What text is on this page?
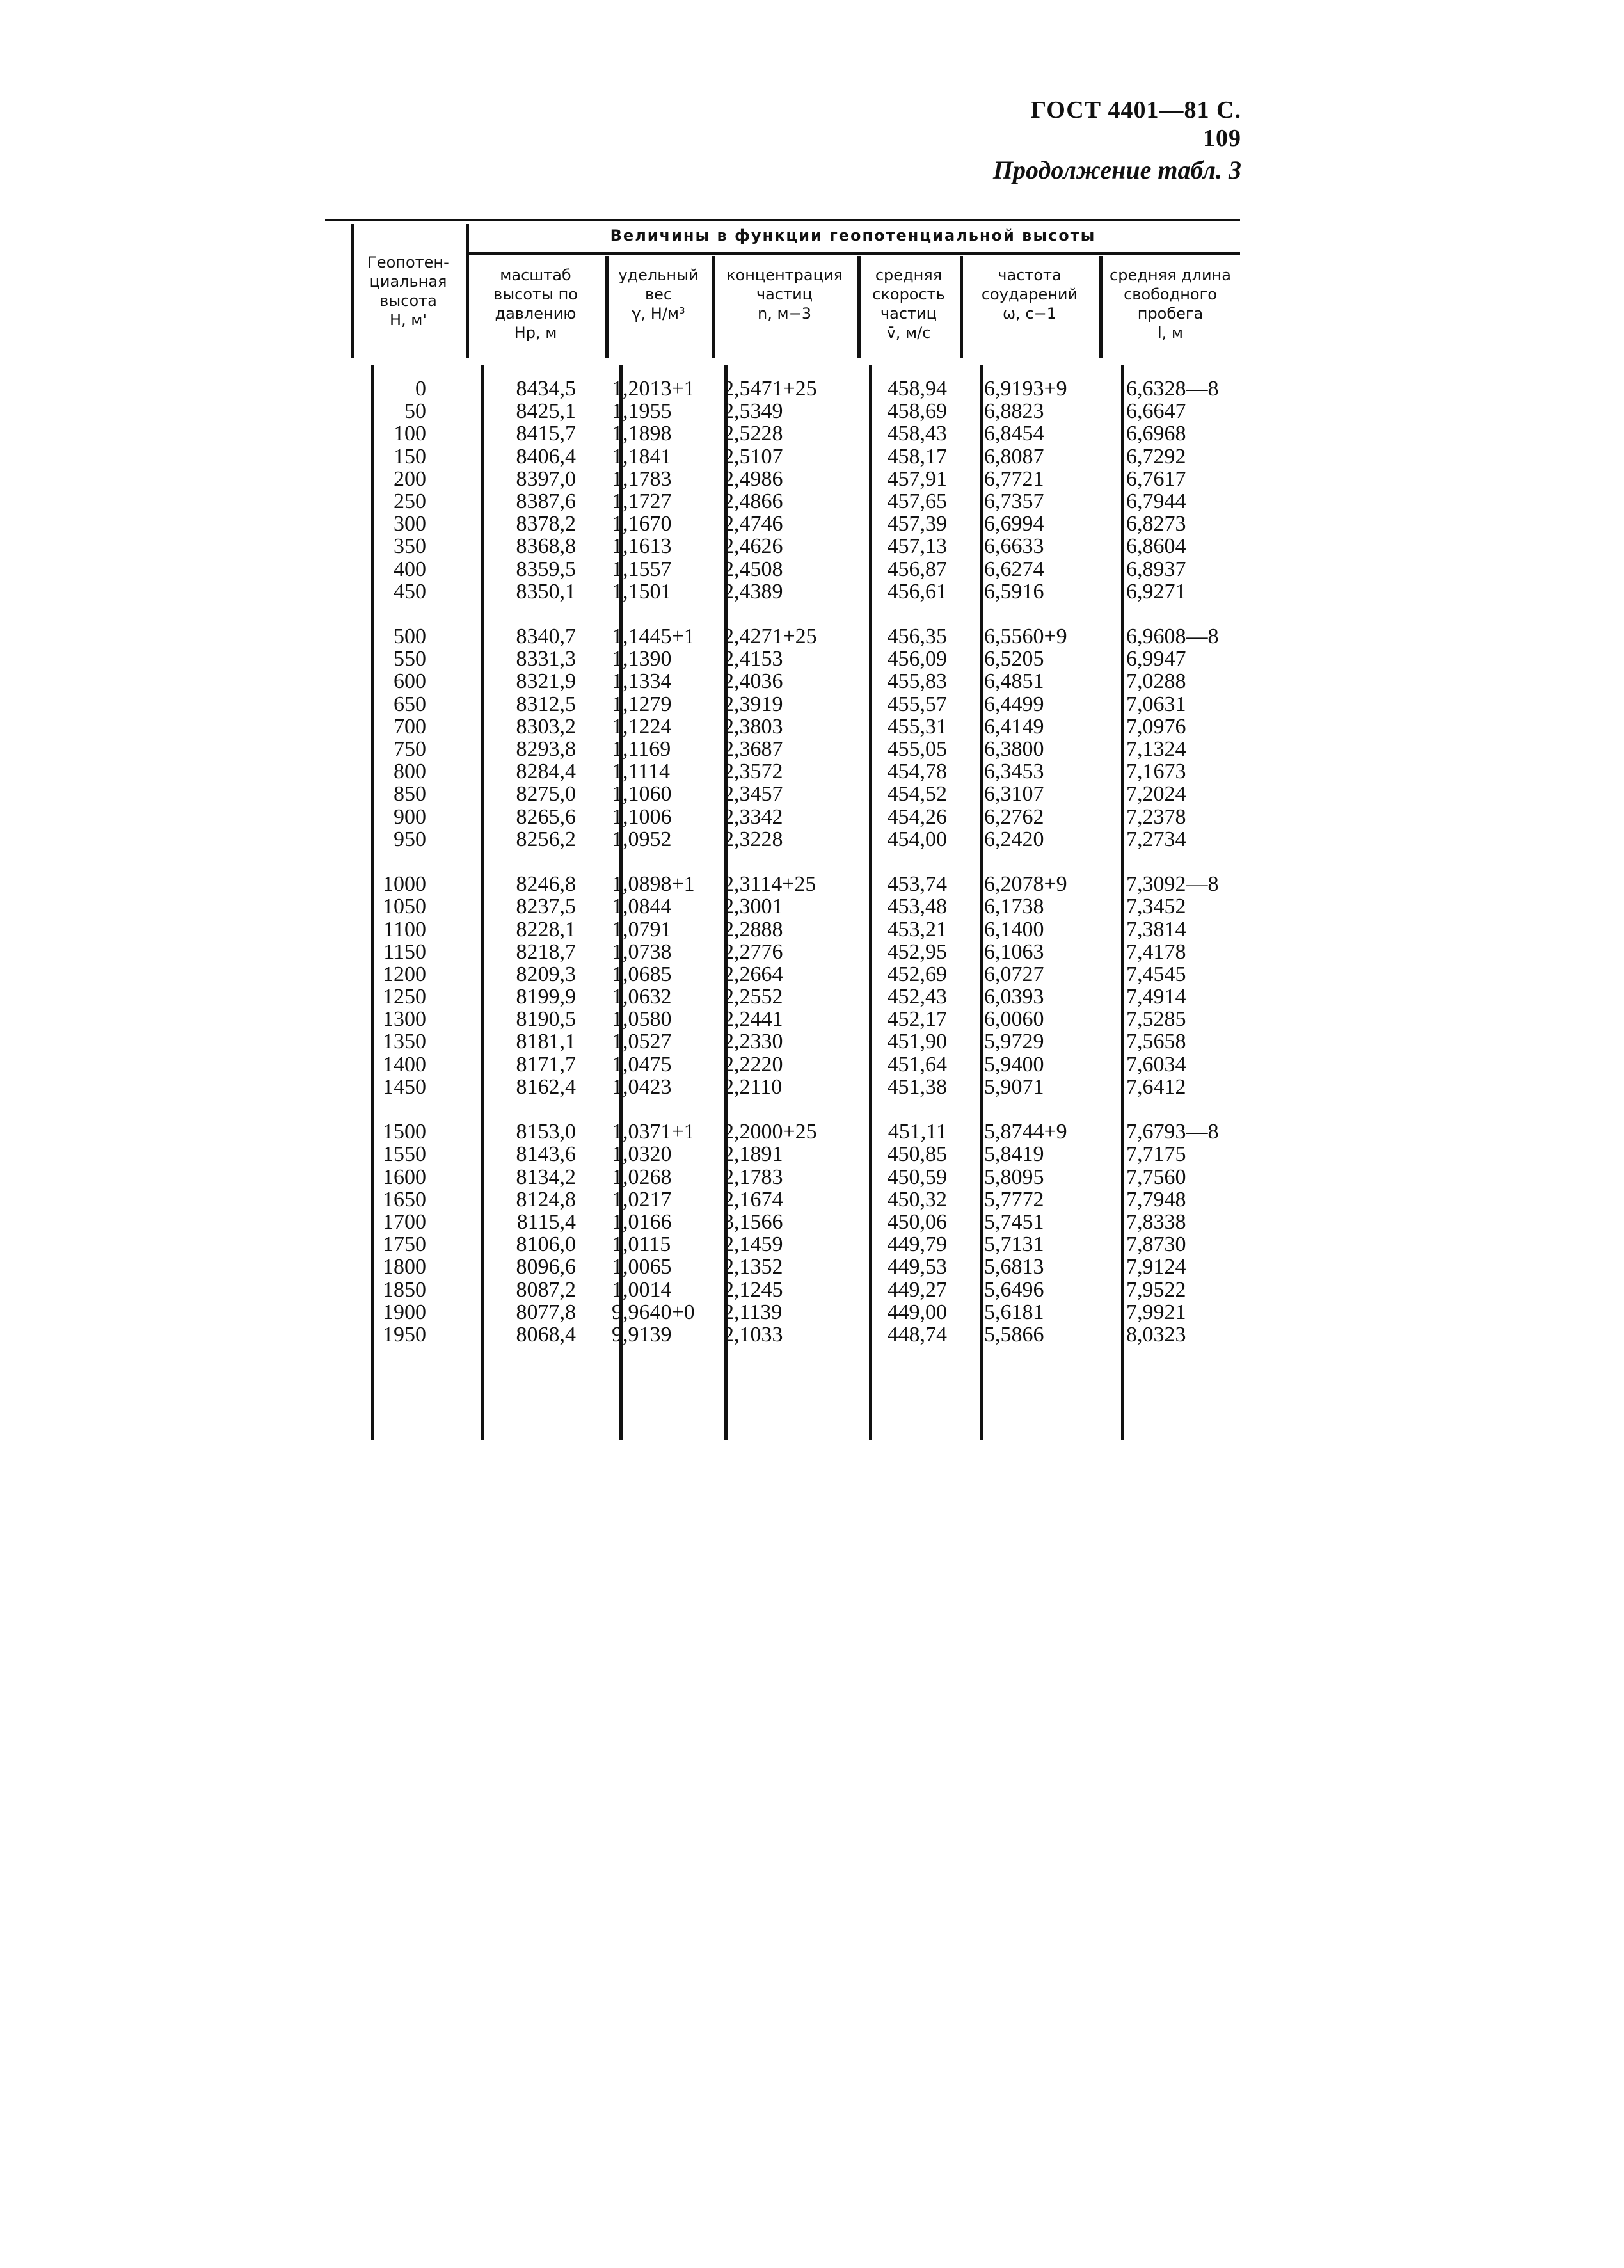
ГОСТ 4401—81 С. 109
Продолжение табл. 3
Величины в функции геопотенциальной высоты
Геопотен-
циальная
высота
H, м'
масштаб
высоты по
давлению
Hp, м
удельный
вес
γ, Н/м³
концентрация
частиц
n, м−3
средняя
скорость
частиц
v̄, м/с
частота
соударений
ω, с−1
средняя длина
свободного
пробега
l, м
0
50
100
150
200
250
300
350
400
450
500
550
600
650
700
750
800
850
900
950
1000
1050
1100
1150
1200
1250
1300
1350
1400
1450
1500
1550
1600
1650
1700
1750
1800
1850
1900
1950
8434,5
8425,1
8415,7
8406,4
8397,0
8387,6
8378,2
8368,8
8359,5
8350,1
8340,7
8331,3
8321,9
8312,5
8303,2
8293,8
8284,4
8275,0
8265,6
8256,2
8246,8
8237,5
8228,1
8218,7
8209,3
8199,9
8190,5
8181,1
8171,7
8162,4
8153,0
8143,6
8134,2
8124,8
8115,4
8106,0
8096,6
8087,2
8077,8
8068,4
1,2013+1
1,1955
1,1898
1,1841
1,1783
1,1727
1,1670
1,1613
1,1557
1,1501
1,1445+1
1,1390
1,1334
1,1279
1,1224
1,1169
1,1114
1,1060
1,1006
1,0952
1,0898+1
1,0844
1,0791
1,0738
1,0685
1,0632
1,0580
1,0527
1,0475
1,0423
1,0371+1
1,0320
1,0268
1,0217
1,0166
1,0115
1,0065
1,0014
9,9640+0
9,9139
2,5471+25
2,5349
2,5228
2,5107
2,4986
2,4866
2,4746
2,4626
2,4508
2,4389
2,4271+25
2,4153
2,4036
2,3919
2,3803
2,3687
2,3572
2,3457
2,3342
2,3228
2,3114+25
2,3001
2,2888
2,2776
2,2664
2,2552
2,2441
2,2330
2,2220
2,2110
2,2000+25
2,1891
2,1783
2,1674
3,1566
2,1459
2,1352
2,1245
2,1139
2,1033
458,94
458,69
458,43
458,17
457,91
457,65
457,39
457,13
456,87
456,61
456,35
456,09
455,83
455,57
455,31
455,05
454,78
454,52
454,26
454,00
453,74
453,48
453,21
452,95
452,69
452,43
452,17
451,90
451,64
451,38
451,11
450,85
450,59
450,32
450,06
449,79
449,53
449,27
449,00
448,74
6,9193+9
6,8823
6,8454
6,8087
6,7721
6,7357
6,6994
6,6633
6,6274
6,5916
6,5560+9
6,5205
6,4851
6,4499
6,4149
6,3800
6,3453
6,3107
6,2762
6,2420
6,2078+9
6,1738
6,1400
6,1063
6,0727
6,0393
6,0060
5,9729
5,9400
5,9071
5,8744+9
5,8419
5,8095
5,7772
5,7451
5,7131
5,6813
5,6496
5,6181
5,5866
6,6328—8
6,6647
6,6968
6,7292
6,7617
6,7944
6,8273
6,8604
6,8937
6,9271
6,9608—8
6,9947
7,0288
7,0631
7,0976
7,1324
7,1673
7,2024
7,2378
7,2734
7,3092—8
7,3452
7,3814
7,4178
7,4545
7,4914
7,5285
7,5658
7,6034
7,6412
7,6793—8
7,7175
7,7560
7,7948
7,8338
7,8730
7,9124
7,9522
7,9921
8,0323
